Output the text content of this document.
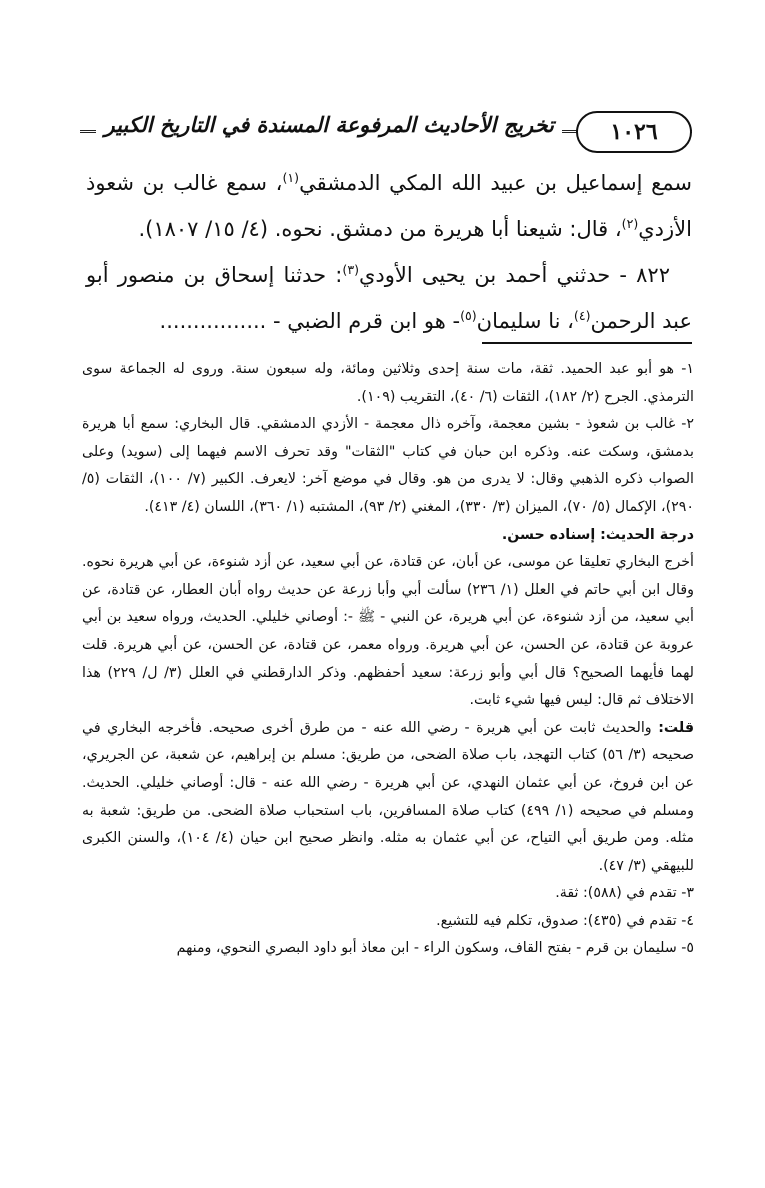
١٠٢٦
تخريج الأحاديث المرفوعة المسندة في التاريخ الكبير

سمع إسماعيل بن عبيد الله المكي الدمشقي$^{(١)}$، سمع غالب بن شعوذ الأزدي$^{(٢)}$، قال: شيعنا أبا هريرة من دمشق. نحوه. (٤/ ١٥/ ١٨٠٧).

٨٢٢ - حدثني أحمد بن يحيى الأودي$^{(٣)}$: حدثنا إسحاق بن منصور أبو عبد الرحمن$^{(٤)}$، نا سليمان$^{(٥)}$- هو ابن قرم الضبي - ................

١- هو أبو عبد الحميد. ثقة، مات سنة إحدى وثلاثين ومائة، وله سبعون سنة. وروى له الجماعة سوى الترمذي. الجرح (٢/ ١٨٢)، الثقات (٦/ ٤٠)، التقريب (١٠٩).

٢- غالب بن شعوذ - بشين معجمة، وآخره ذال معجمة - الأزدي الدمشقي. قال البخاري: سمع أبا هريرة بدمشق، وسكت عنه. وذكره ابن حبان في كتاب "الثقات" وقد تحرف الاسم فيهما إلى (سويد) وعلى الصواب ذكره الذهبي وقال: لا يدرى من هو. وقال في موضع آخر: لايعرف. الكبير (٧/ ١٠٠)، الثقات (٥/ ٢٩٠)، الإكمال (٥/ ٧٠)، الميزان (٣/ ٣٣٠)، المغني (٢/ ٩٣)، المشتبه (١/ ٣٦٠)، اللسان (٤/ ٤١٣).

درجة الحديث: إسناده حسن.

أخرج البخاري تعليقا عن موسى، عن أبان، عن قتادة، عن أبي سعيد، عن أزد شنوءة، عن أبي هريرة نحوه. وقال ابن أبي حاتم في العلل (١/ ٢٣٦) سألت أبي وأبا زرعة عن حديث رواه أبان العطار، عن قتادة، عن أبي سعيد، من أزد شنوءة، عن أبي هريرة، عن النبي - ﷺ -: أوصاني خليلي. الحديث، ورواه سعيد بن أبي عروبة عن قتادة، عن الحسن، عن أبي هريرة. ورواه معمر، عن قتادة، عن الحسن، عن أبي هريرة. قلت لهما فأيهما الصحيح؟ قال أبي وأبو زرعة: سعيد أحفظهم. وذكر الدارقطني في العلل (٣/ ل/ ٢٢٩) هذا الاختلاف ثم قال: ليس فيها شيء ثابت.

قلت: والحديث ثابت عن أبي هريرة - رضي الله عنه - من طرق أخرى صحيحه. فأخرجه البخاري في صحيحه (٣/ ٥٦) كتاب التهجد، باب صلاة الضحى، من طريق: مسلم بن إبراهيم، عن شعبة، عن الجريري، عن ابن فروخ، عن أبي عثمان النهدي، عن أبي هريرة - رضي الله عنه - قال: أوصاني خليلي. الحديث. ومسلم في صحيحه (١/ ٤٩٩) كتاب صلاة المسافرين، باب استحباب صلاة الضحى. من طريق: شعبة به مثله. ومن طريق أبي التياح، عن أبي عثمان به مثله. وانظر صحيح ابن حيان (٤/ ١٠٤)، والسنن الكبرى للبيهقي (٣/ ٤٧).

٣- تقدم في (٥٨٨): ثقة.

٤- تقدم في (٤٣٥): صدوق، تكلم فيه للتشيع.

٥- سليمان بن قرم - بفتح القاف، وسكون الراء - ابن معاذ أبو داود البصري النحوي، ومنهم
